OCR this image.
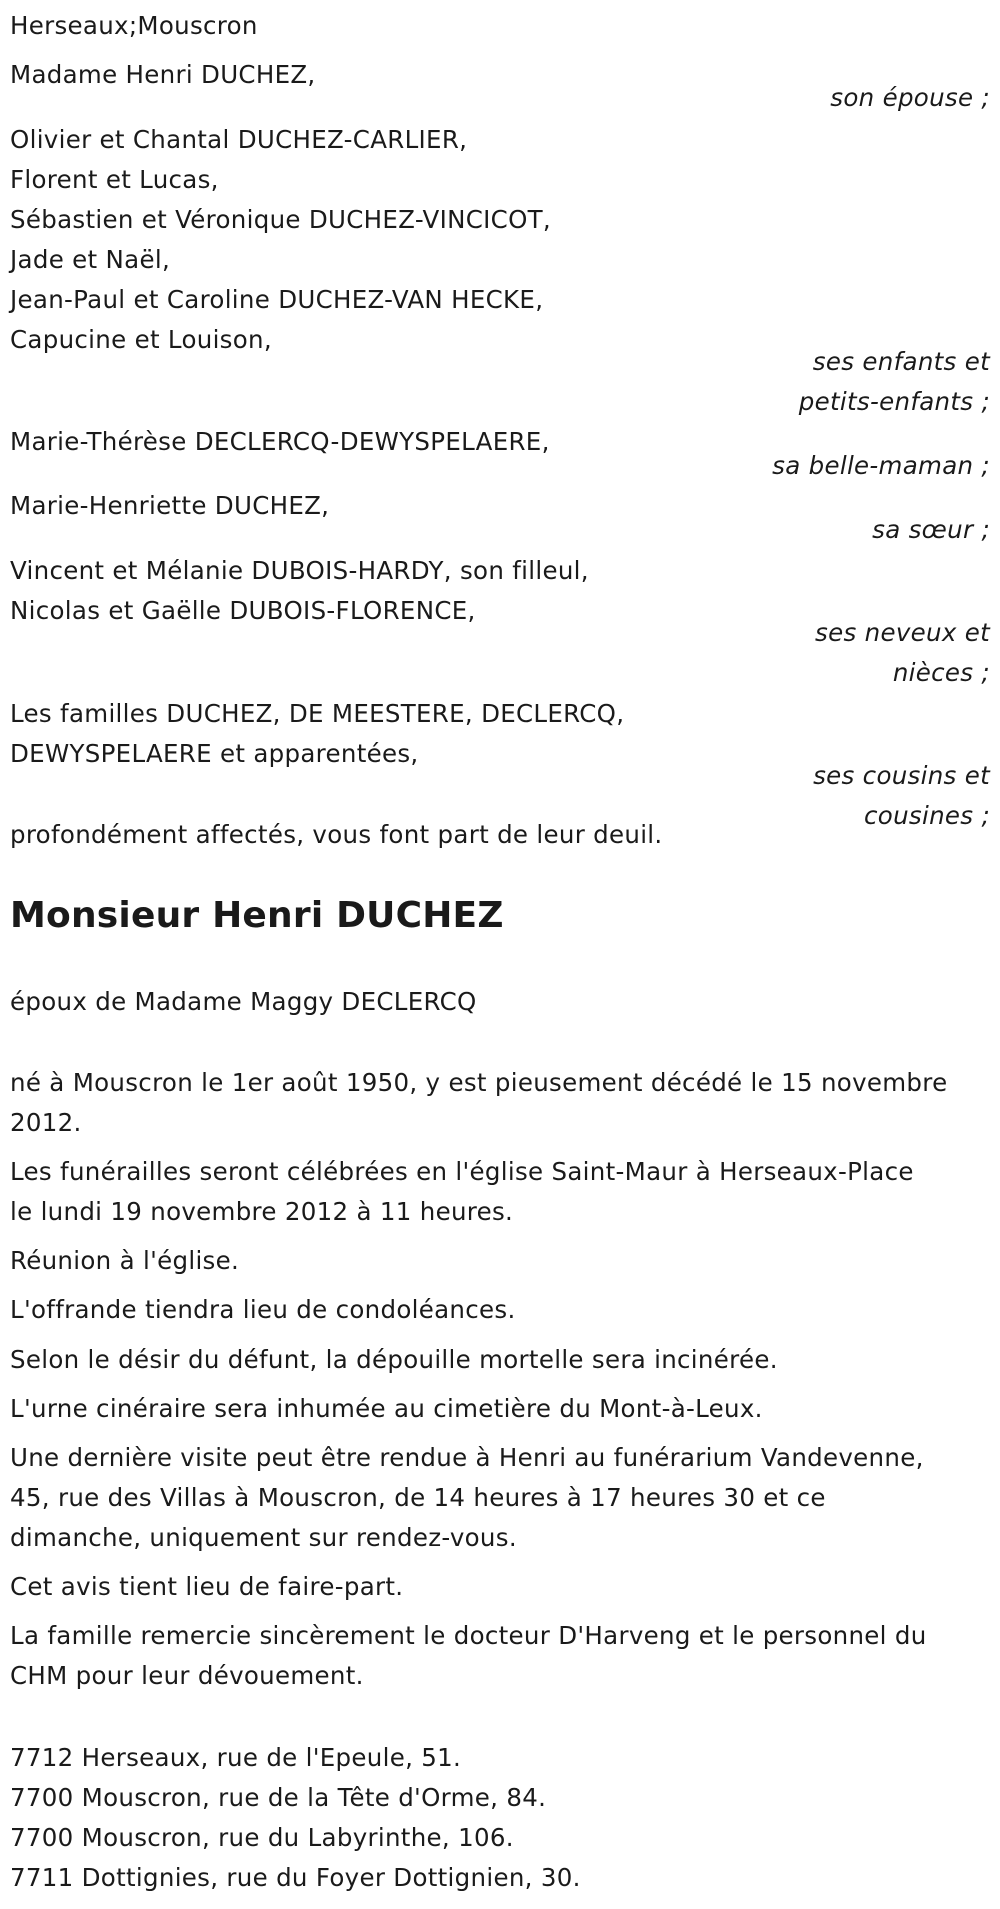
Herseaux;Mouscron
Madame Henri DUCHEZ,
son épouse ;
Olivier et Chantal DUCHEZ-CARLIER,
Florent et Lucas,
Sébastien et Véronique DUCHEZ-VINCICOT,
Jade et Naël,
Jean-Paul et Caroline DUCHEZ-VAN HECKE,
Capucine et Louison,
ses enfants et
petits-enfants ;
Marie-Thérèse DECLERCQ-DEWYSPELAERE,
sa belle-maman ;
Marie-Henriette DUCHEZ,
sa sœur ;
Vincent et Mélanie DUBOIS-HARDY, son filleul,
Nicolas et Gaëlle DUBOIS-FLORENCE,
ses neveux et
nièces ;
Les familles DUCHEZ, DE MEESTERE, DECLERCQ,
DEWYSPELAERE et apparentées,
ses cousins et
cousines ;
profondément affectés, vous font part de leur deuil.
Monsieur Henri DUCHEZ
époux de Madame Maggy DECLERCQ
né à Mouscron le 1er août 1950, y est pieusement décédé le 15 novembre
2012.
Les funérailles seront célébrées en l'église Saint-Maur à Herseaux-Place
le lundi 19 novembre 2012 à 11 heures.
Réunion à l'église.
L'offrande tiendra lieu de condoléances.
Selon le désir du défunt, la dépouille mortelle sera incinérée.
L'urne cinéraire sera inhumée au cimetière du Mont-à-Leux.
Une dernière visite peut être rendue à Henri au funérarium Vandevenne,
45, rue des Villas à Mouscron, de 14 heures à 17 heures 30 et ce
dimanche, uniquement sur rendez-vous.
Cet avis tient lieu de faire-part.
La famille remercie sincèrement le docteur D'Harveng et le personnel du
CHM pour leur dévouement.
7712 Herseaux, rue de l'Epeule, 51.
7700 Mouscron, rue de la Tête d'Orme, 84.
7700 Mouscron, rue du Labyrinthe, 106.
7711 Dottignies, rue du Foyer Dottignien, 30.
